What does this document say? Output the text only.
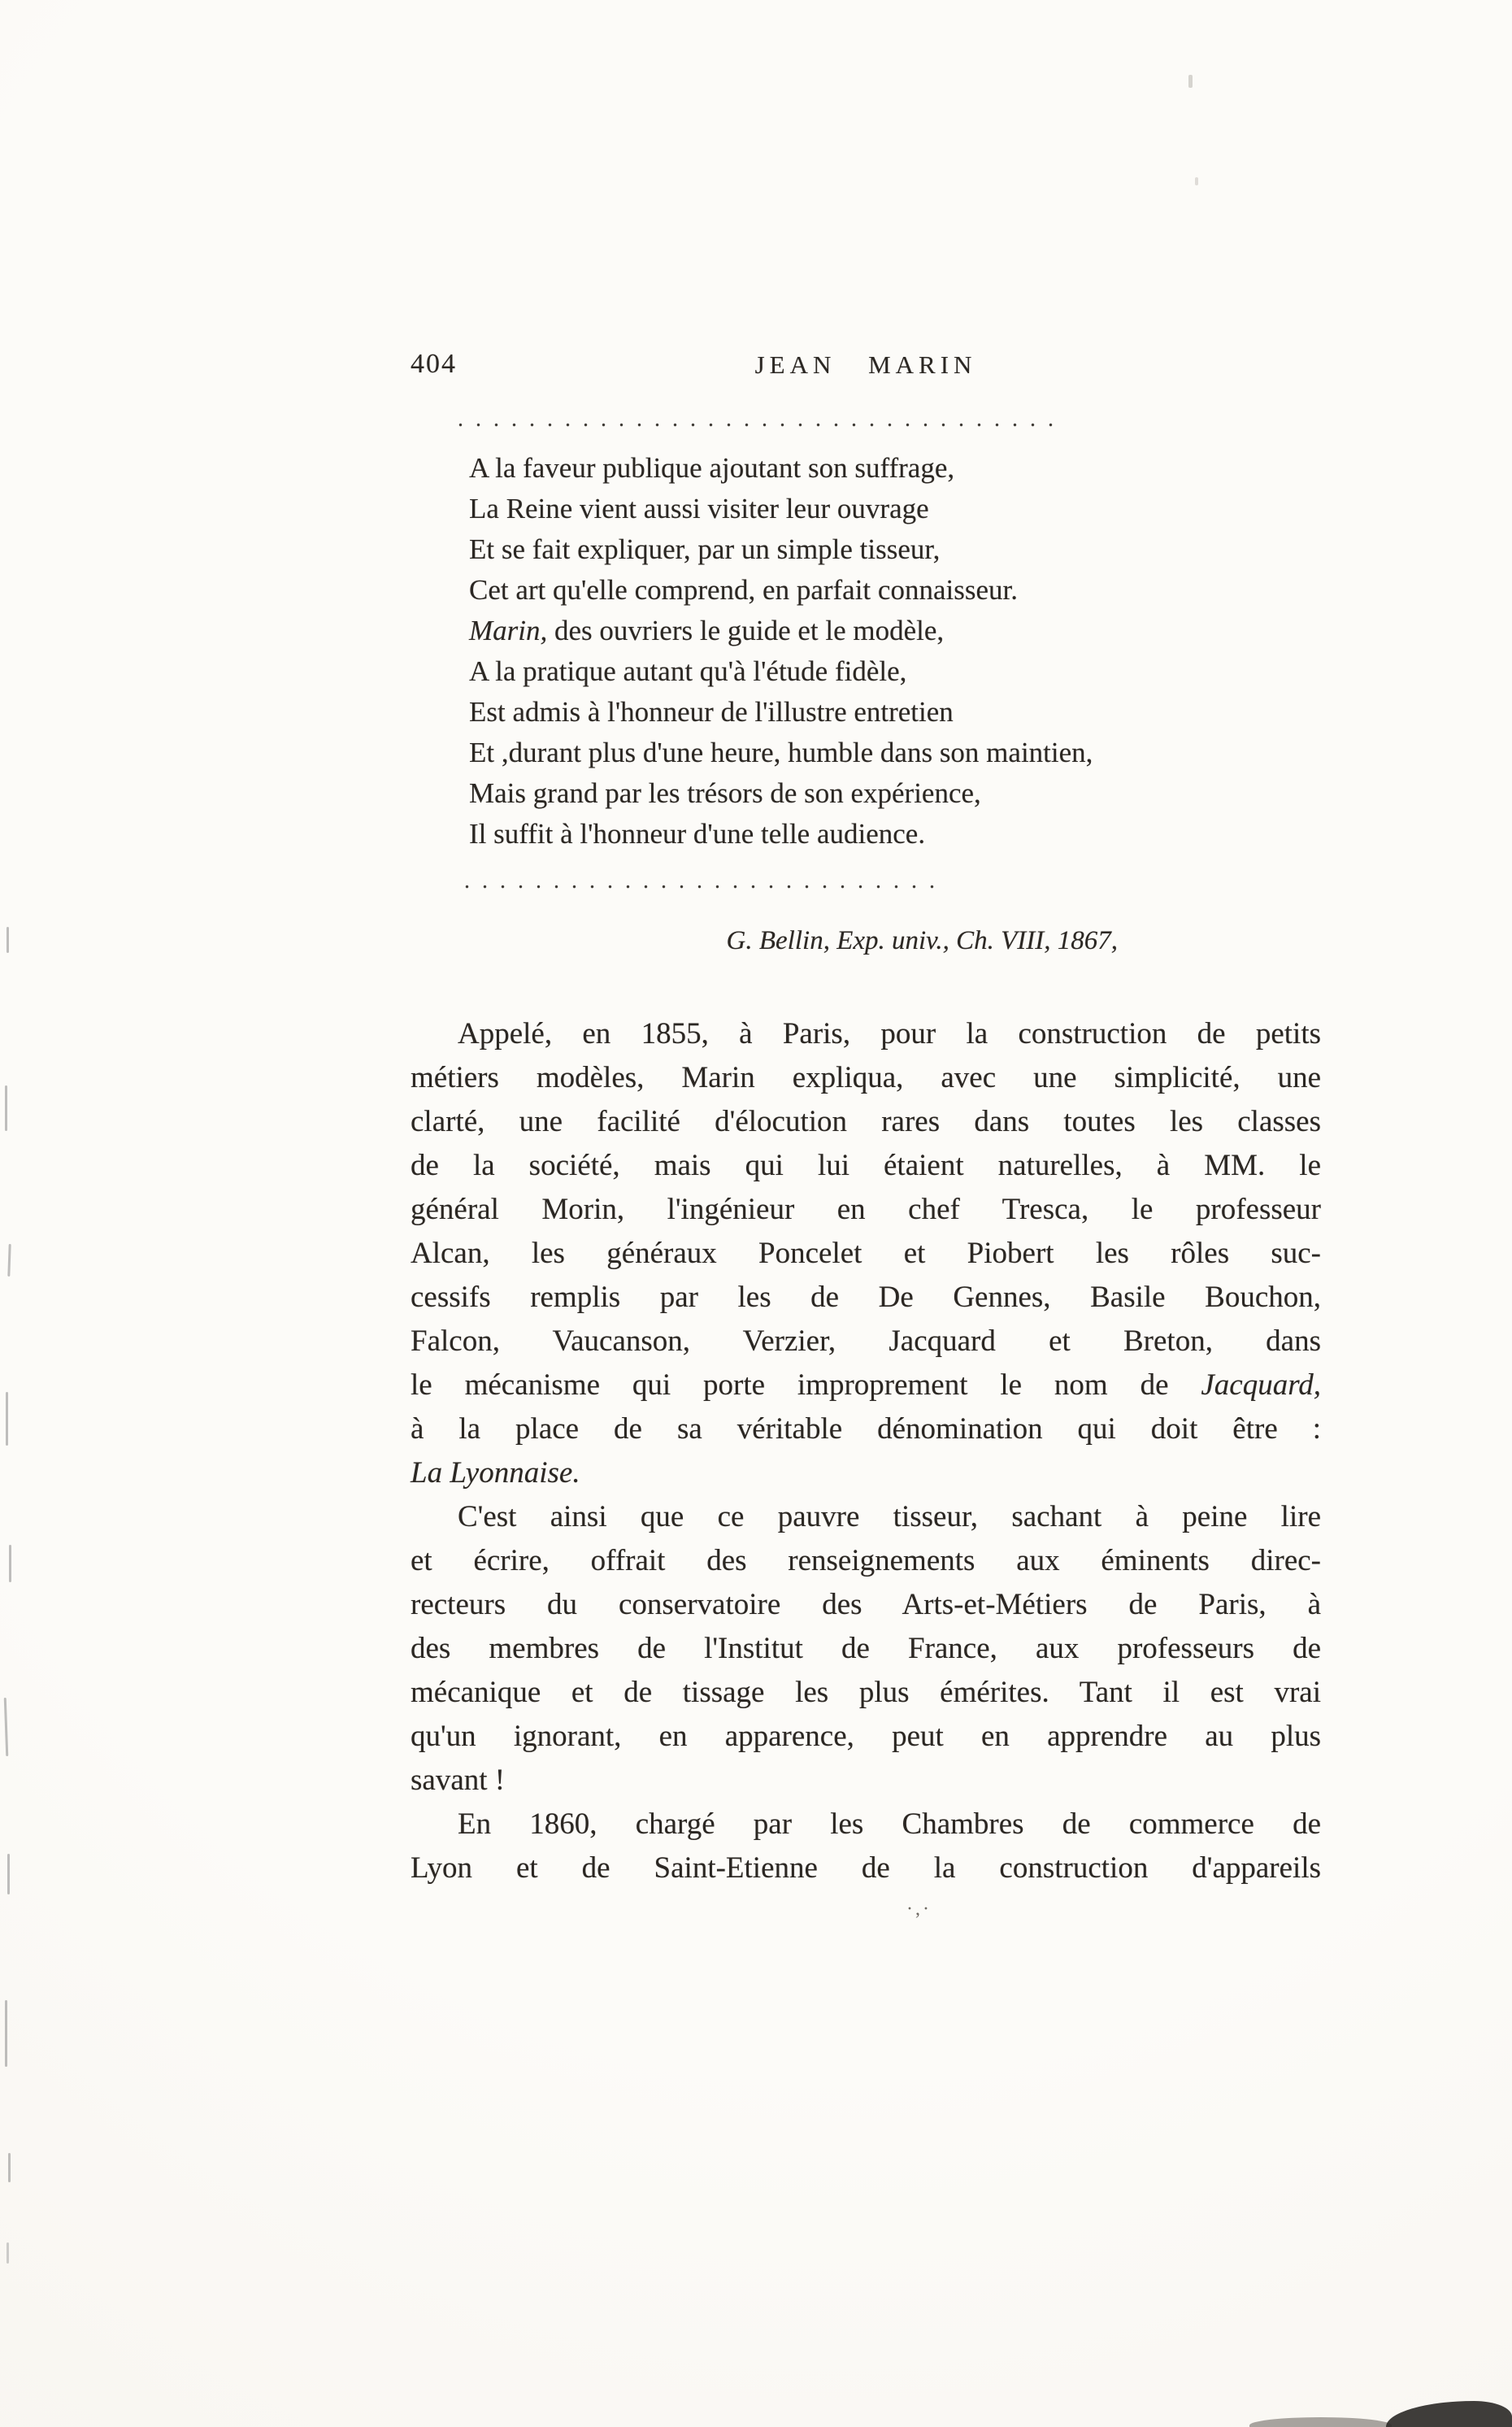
404	JEAN MARIN
..................................
A la faveur publique ajoutant son suffrage,
La Reine vient aussi visiter leur ouvrage
Et se fait expliquer, par un simple tisseur,
Cet art qu'elle comprend, en parfait connaisseur.
Marin, des ouvriers le guide et le modèle,
A la pratique autant qu'à l'étude fidèle,
Est admis à l'honneur de l'illustre entretien
Et ,durant plus d'une heure, humble dans son maintien,
Mais grand par les trésors de son expérience,
Il suffit à l'honneur d'une telle audience.
...........................
G. Bellin, Exp. univ., Ch. VIII, 1867,
Appelé, en 1855, à Paris, pour la construction de petits
métiers modèles, Marin expliqua, avec une simplicité, une
clarté, une facilité d'élocution rares dans toutes les classes
de la société, mais qui lui étaient naturelles, à MM. le
général Morin, l'ingénieur en chef Tresca, le professeur
Alcan, les généraux Poncelet et Piobert les rôles suc-
cessifs remplis par les de De Gennes, Basile Bouchon,
Falcon, Vaucanson, Verzier, Jacquard et Breton, dans
le mécanisme qui porte improprement le nom de Jacquard,
à la place de sa véritable dénomination qui doit être :
La Lyonnaise.
C'est ainsi que ce pauvre tisseur, sachant à peine lire
et écrire, offrait des renseignements aux éminents direc-
recteurs du conservatoire des Arts-et-Métiers de Paris, à
des membres de l'Institut de France, aux professeurs de
mécanique et de tissage les plus émérites. Tant il est vrai
qu'un ignorant, en apparence, peut en apprendre au plus
savant !
En 1860, chargé par les Chambres de commerce de
Lyon et de Saint-Etienne de la construction d'appareils
·,·
